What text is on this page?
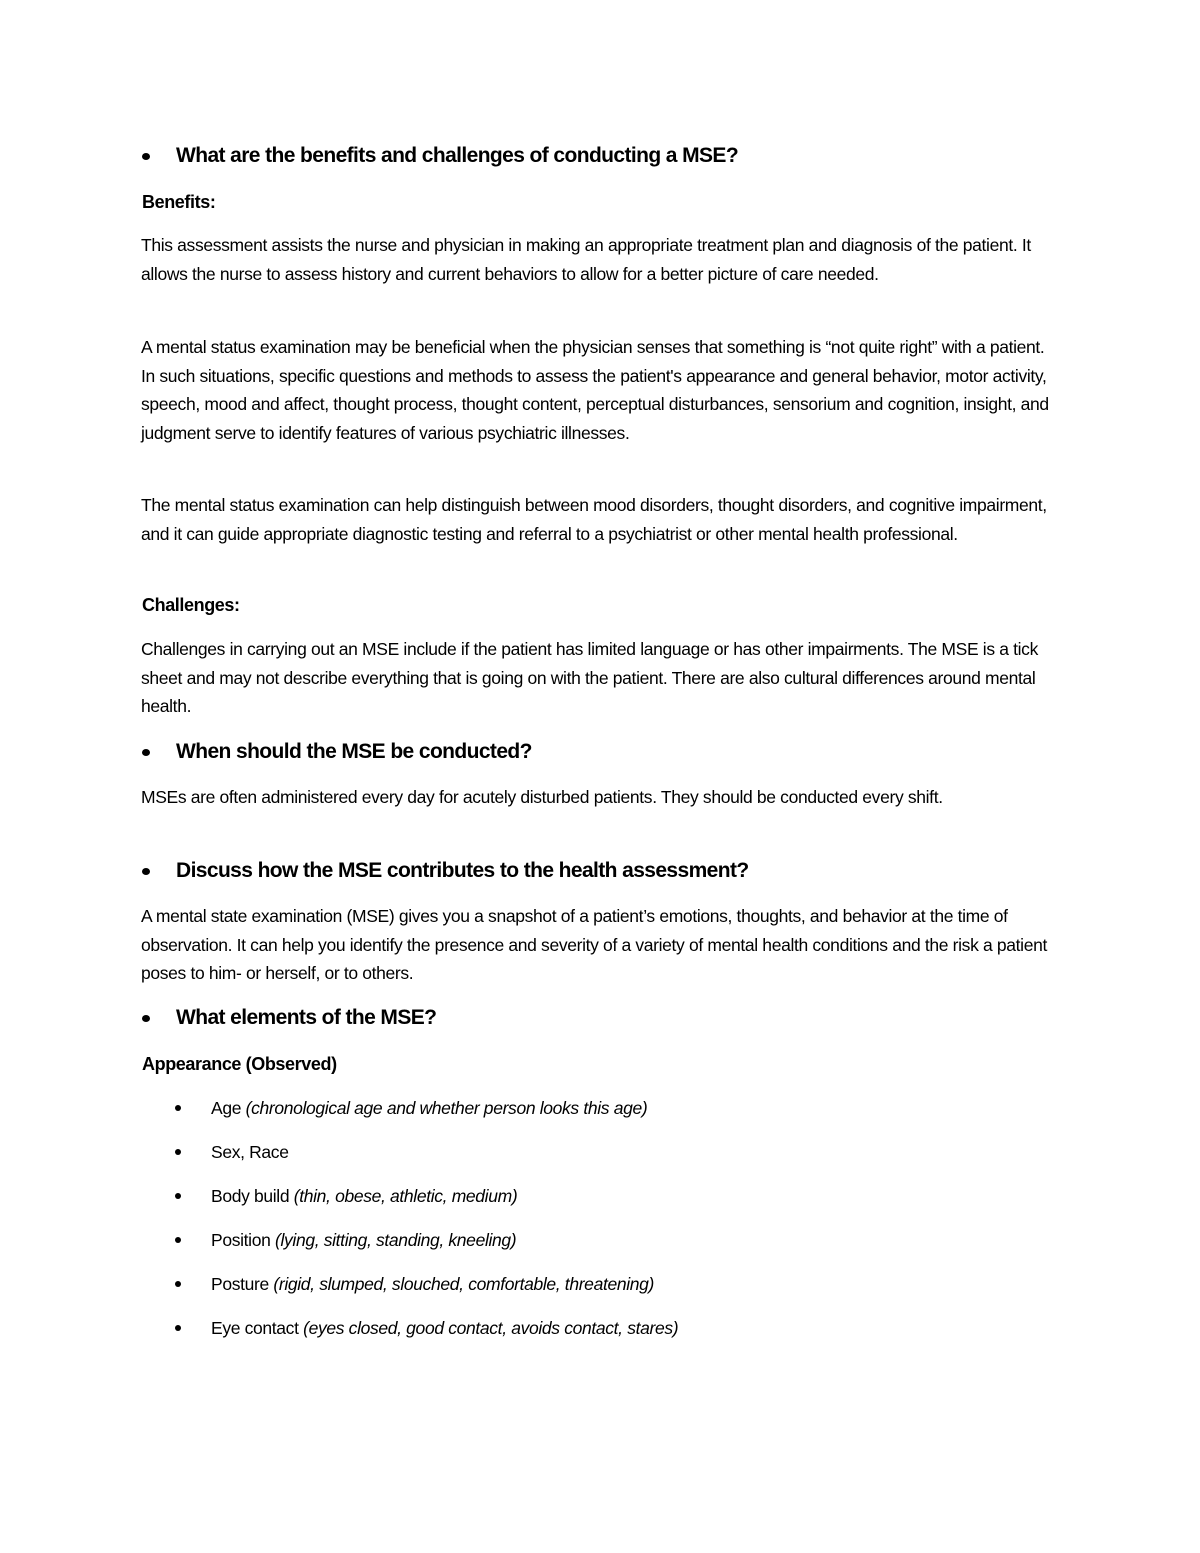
What are the benefits and challenges of conducting a MSE?
Benefits:
This assessment assists the nurse and physician in making an appropriate treatment plan and diagnosis of the patient. It allows the nurse to assess history and current behaviors to allow for a better picture of care needed.
A mental status examination may be beneficial when the physician senses that something is “not quite right” with a patient. In such situations, specific questions and methods to assess the patient's appearance and general behavior, motor activity, speech, mood and affect, thought process, thought content, perceptual disturbances, sensorium and cognition, insight, and judgment serve to identify features of various psychiatric illnesses.
The mental status examination can help distinguish between mood disorders, thought disorders, and cognitive impairment, and it can guide appropriate diagnostic testing and referral to a psychiatrist or other mental health professional.
Challenges:
Challenges in carrying out an MSE include if the patient has limited language or has other impairments. The MSE is a tick sheet and may not describe everything that is going on with the patient. There are also cultural differences around mental health.
When should the MSE be conducted?
MSEs are often administered every day for acutely disturbed patients. They should be conducted every shift.
Discuss how the MSE contributes to the health assessment?
A mental state examination (MSE) gives you a snapshot of a patient’s emotions, thoughts, and behavior at the time of observation. It can help you identify the presence and severity of a variety of mental health conditions and the risk a patient poses to him- or herself, or to others.
What elements of the MSE?
Appearance (Observed)
Age (chronological age and whether person looks this age)
Sex, Race
Body build (thin, obese, athletic, medium)
Position (lying, sitting, standing, kneeling)
Posture (rigid, slumped, slouched, comfortable, threatening)
Eye contact (eyes closed, good contact, avoids contact, stares)
